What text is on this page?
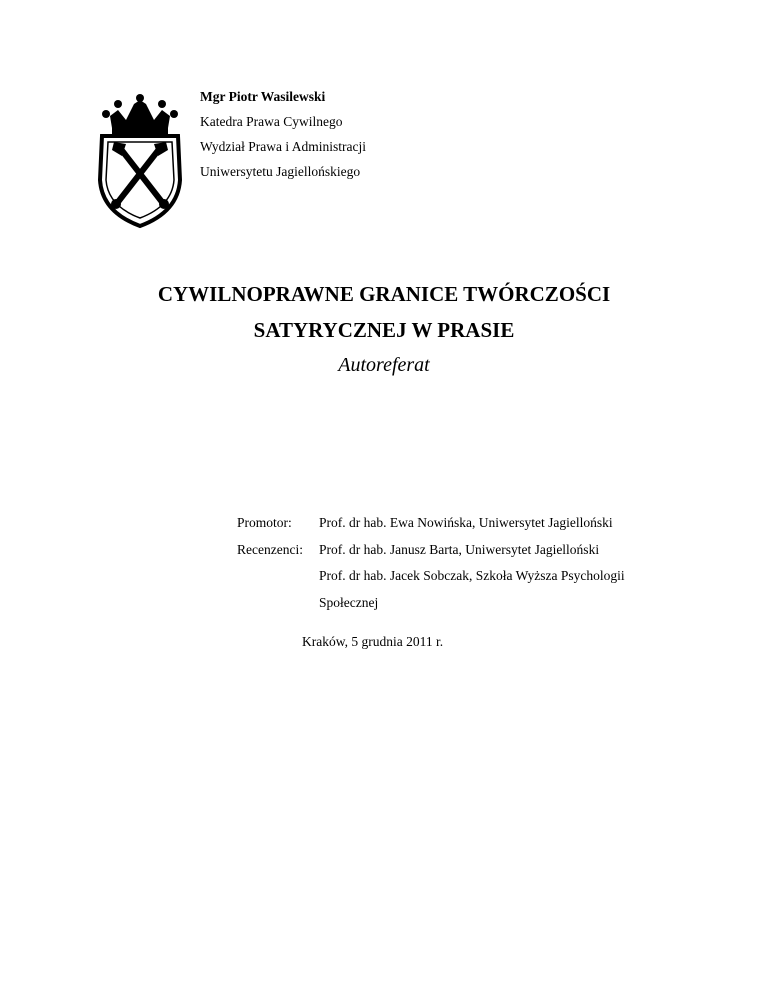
Mgr Piotr Wasilewski
Katedra Prawa Cywilnego
Wydział Prawa i Administracji
Uniwersytetu Jagiellońskiego
CYWILNOPRAWNE GRANICE TWÓRCZOŚCI
SATYRYCZNEJ W PRASIE
Autoreferat
Promotor:	Prof. dr hab. Ewa Nowińska, Uniwersytet Jagielloński
Recenzenci:	Prof. dr hab. Janusz Barta, Uniwersytet Jagielloński
Prof. dr hab. Jacek Sobczak, Szkoła Wyższa Psychologii
Społecznej
Kraków, 5 grudnia 2011 r.
